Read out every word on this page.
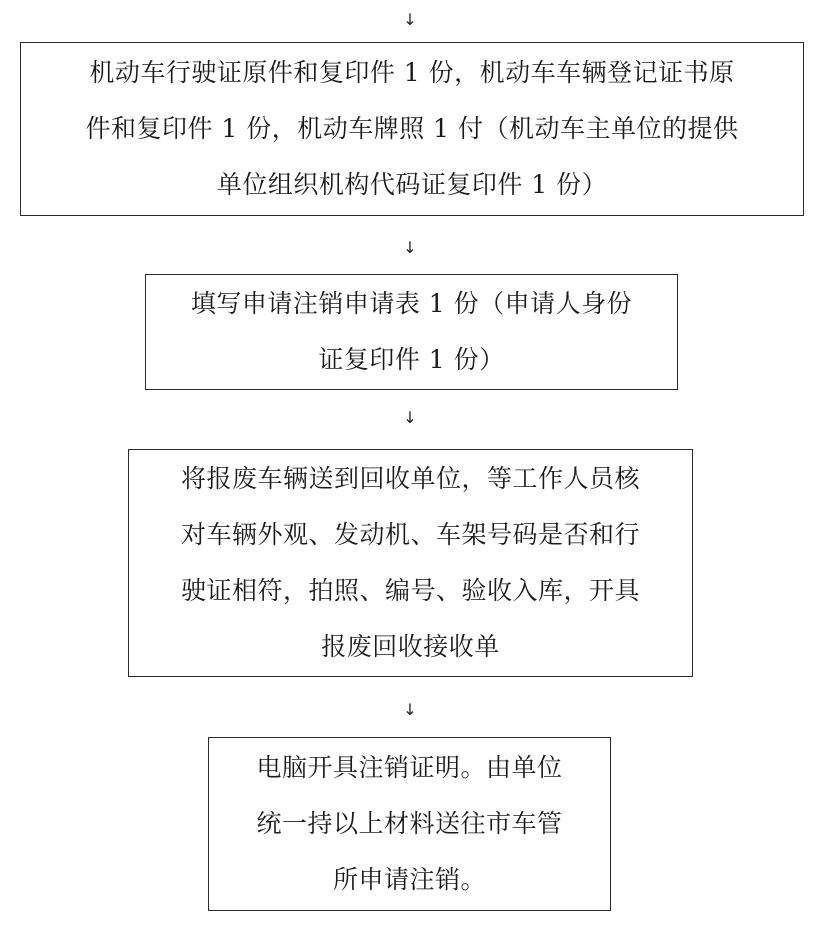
↓
机动车行驶证原件和复印件 1 份，机动车车辆登记证书原
件和复印件 1 份，机动车牌照 1 付（机动车主单位的提供
单位组织机构代码证复印件 1 份）
↓
填写申请注销申请表 1 份（申请人身份
证复印件 1 份）
↓
将报废车辆送到回收单位，等工作人员核
对车辆外观、发动机、车架号码是否和行
驶证相符，拍照、编号、验收入库，开具
报废回收接收单
↓
电脑开具注销证明。由单位
统一持以上材料送往市车管
所申请注销。
